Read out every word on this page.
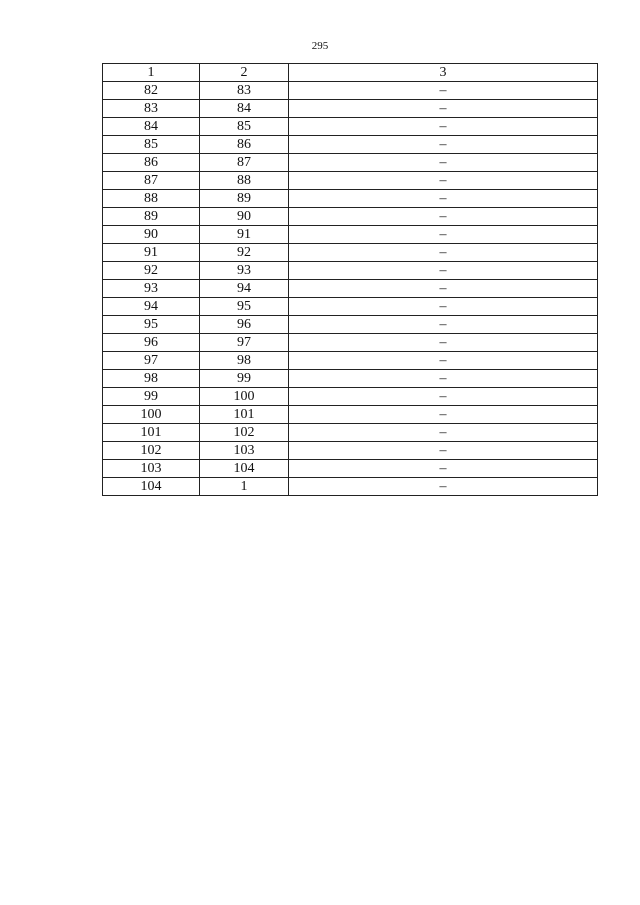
295
1	2	3
82	83	–
83	84	–
84	85	–
85	86	–
86	87	–
87	88	–
88	89	–
89	90	–
90	91	–
91	92	–
92	93	–
93	94	–
94	95	–
95	96	–
96	97	–
97	98	–
98	99	–
99	100	–
100	101	–
101	102	–
102	103	–
103	104	–
104	1	–
